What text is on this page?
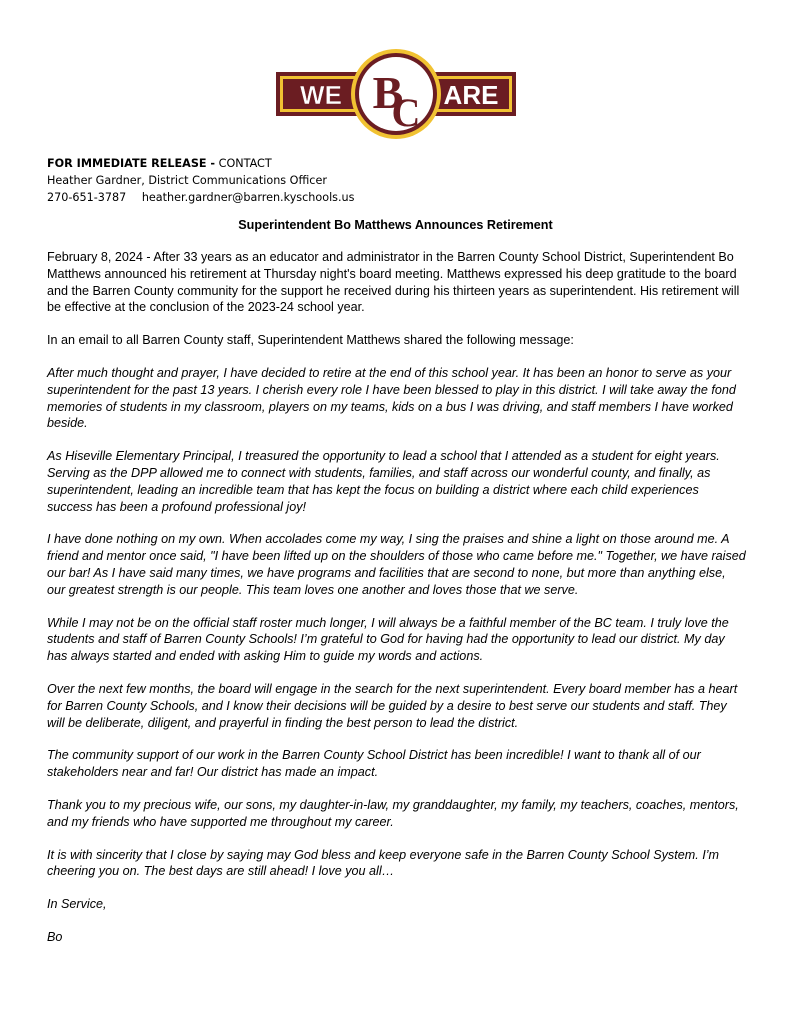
WE	ARE
B
C
FOR IMMEDIATE RELEASE - CONTACT
Heather Gardner, District Communications Officer
270-651-3787 heather.gardner@barren.kyschools.us
Superintendent Bo Matthews Announces Retirement

February 8, 2024 - After 33 years as an educator and administrator in the Barren County School District, Superintendent Bo Matthews announced his retirement at Thursday night's board meeting. Matthews expressed his deep gratitude to the board and the Barren County community for the support he received during his thirteen years as superintendent. His retirement will be effective at the conclusion of the 2023-24 school year.

In an email to all Barren County staff, Superintendent Matthews shared the following message:

After much thought and prayer, I have decided to retire at the end of this school year. It has been an honor to serve as your superintendent for the past 13 years. I cherish every role I have been blessed to play in this district. I will take away the fond memories of students in my classroom, players on my teams, kids on a bus I was driving, and staff members I have worked beside.

As Hiseville Elementary Principal, I treasured the opportunity to lead a school that I attended as a student for eight years. Serving as the DPP allowed me to connect with students, families, and staff across our wonderful county, and finally, as superintendent, leading an incredible team that has kept the focus on building a district where each child experiences success has been a profound professional joy!

I have done nothing on my own. When accolades come my way, I sing the praises and shine a light on those around me. A friend and mentor once said, "I have been lifted up on the shoulders of those who came before me." Together, we have raised our bar! As I have said many times, we have programs and facilities that are second to none, but more than anything else, our greatest strength is our people. This team loves one another and loves those that we serve.

While I may not be on the official staff roster much longer, I will always be a faithful member of the BC team. I truly love the students and staff of Barren County Schools! I’m grateful to God for having had the opportunity to lead our district. My day has always started and ended with asking Him to guide my words and actions.

Over the next few months, the board will engage in the search for the next superintendent. Every board member has a heart for Barren County Schools, and I know their decisions will be guided by a desire to best serve our students and staff. They will be deliberate, diligent, and prayerful in finding the best person to lead the district.

The community support of our work in the Barren County School District has been incredible! I want to thank all of our stakeholders near and far! Our district has made an impact.

Thank you to my precious wife, our sons, my daughter-in-law, my granddaughter, my family, my teachers, coaches, mentors, and my friends who have supported me throughout my career.

It is with sincerity that I close by saying may God bless and keep everyone safe in the Barren County School System. I’m cheering you on. The best days are still ahead! I love you all…

In Service,

Bo
